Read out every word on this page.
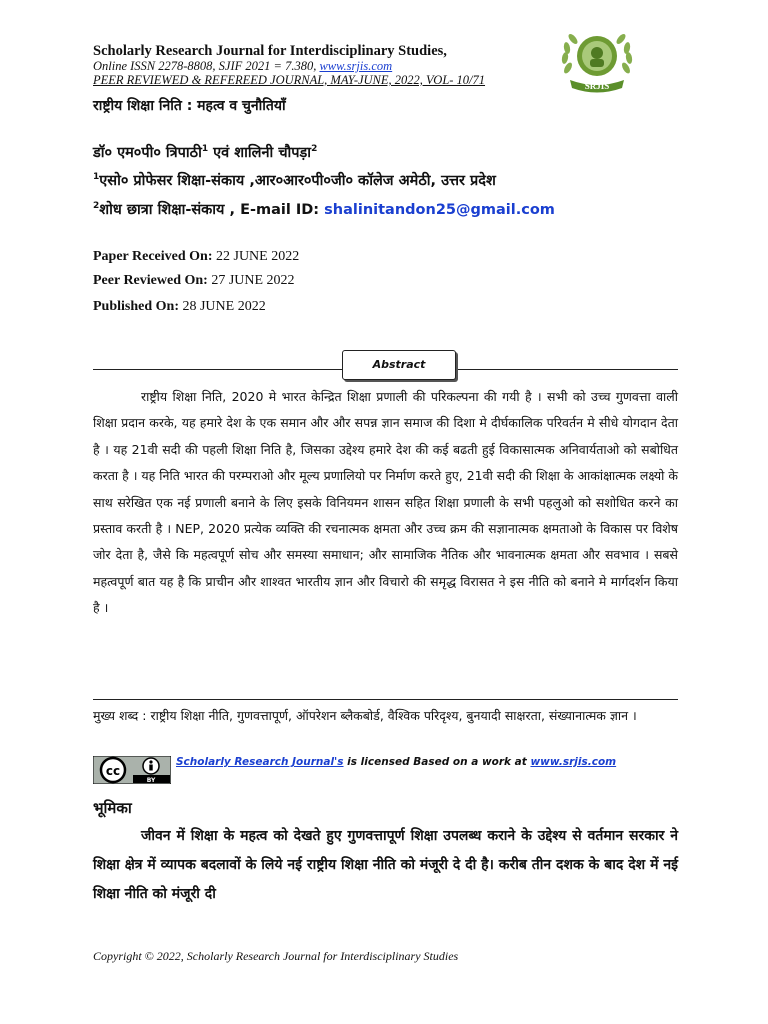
Scholarly Research Journal for Interdisciplinary Studies,
Online ISSN 2278-8808, SJIF 2021 = 7.380, www.srjis.com
PEER REVIEWED & REFEREED JOURNAL, MAY-JUNE, 2022, VOL- 10/71	SRJIS
राष्ट्रीय शिक्षा निति : महत्व व चुनौतियाँ
डॉ० एम०पी० त्रिपाठी$^1$ एवं शालिनी चौपड़ा$^2$
$^1$एसो० प्रोफेसर शिक्षा-संकाय ,आर०आर०पी०जी० कॉलेज अमेठी, उत्तर प्रदेश
$^2$शोध छात्रा शिक्षा-संकाय , E-mail ID: shalinitandon25@gmail.com
Paper Received On: 22 JUNE 2022
Peer Reviewed On: 27 JUNE 2022
Published On: 28 JUNE 2022
Abstract

राष्ट्रीय शिक्षा निति, 2020 मे भारत केन्द्रित शिक्षा प्रणाली की परिकल्पना की गयी है । सभी को उच्च गुणवत्ता वाली शिक्षा प्रदान करके, यह हमारे देश के एक समान और और सपन्न ज्ञान समाज की दिशा मे दीर्घकालिक परिवर्तन मे सीधे योगदान देता है । यह 21वी सदी की पहली शिक्षा निति है, जिसका उद्देश्य हमारे देश की कई बढती हुई विकासात्मक अनिवार्यताओ को सबोधित करता है । यह निति भारत की परम्पराओ और मूल्य प्रणालियो पर निर्माण करते हुए, 21वी सदी की शिक्षा के आकांक्षात्मक लक्ष्यो के साथ सरेखित एक नई प्रणाली बनाने के लिए इसके विनियमन शासन सहित शिक्षा प्रणाली के सभी पहलुओ को सशोधित करने का प्रस्ताव करती है । NEP, 2020 प्रत्येक व्यक्ति की रचनात्मक क्षमता और उच्च क्रम की सज्ञानात्मक क्षमताओ के विकास पर विशेष जोर देता है, जैसे कि महत्वपूर्ण सोच और समस्या समाधान; और सामाजिक नैतिक और भावनात्मक क्षमता और सवभाव । सबसे महत्वपूर्ण बात यह है कि प्राचीन और शाश्वत भारतीय ज्ञान और विचारो की समृद्ध विरासत ने इस नीति को बनाने मे मार्गदर्शन किया है ।

मुख्य शब्द : राष्ट्रीय शिक्षा नीति, गुणवत्तापूर्ण, ऑपरेशन ब्लैकबोर्ड, वैश्विक परिदृश्य, बुनयादी साक्षरता, संख्यानात्मक ज्ञान ।
cc
BY
Scholarly Research Journal's is licensed Based on a work at www.srjis.com
भूमिका

जीवन में शिक्षा के महत्व को देखते हुए गुणवत्तापूर्ण शिक्षा उपलब्ध कराने के उद्देश्य से वर्तमान सरकार ने शिक्षा क्षेत्र में व्यापक बदलावों के लिये नई राष्ट्रीय शिक्षा नीति को मंजूरी दे दी है। करीब तीन दशक के बाद देश में नई शिक्षा नीति को मंजूरी दी

Copyright © 2022, Scholarly Research Journal for Interdisciplinary Studies
